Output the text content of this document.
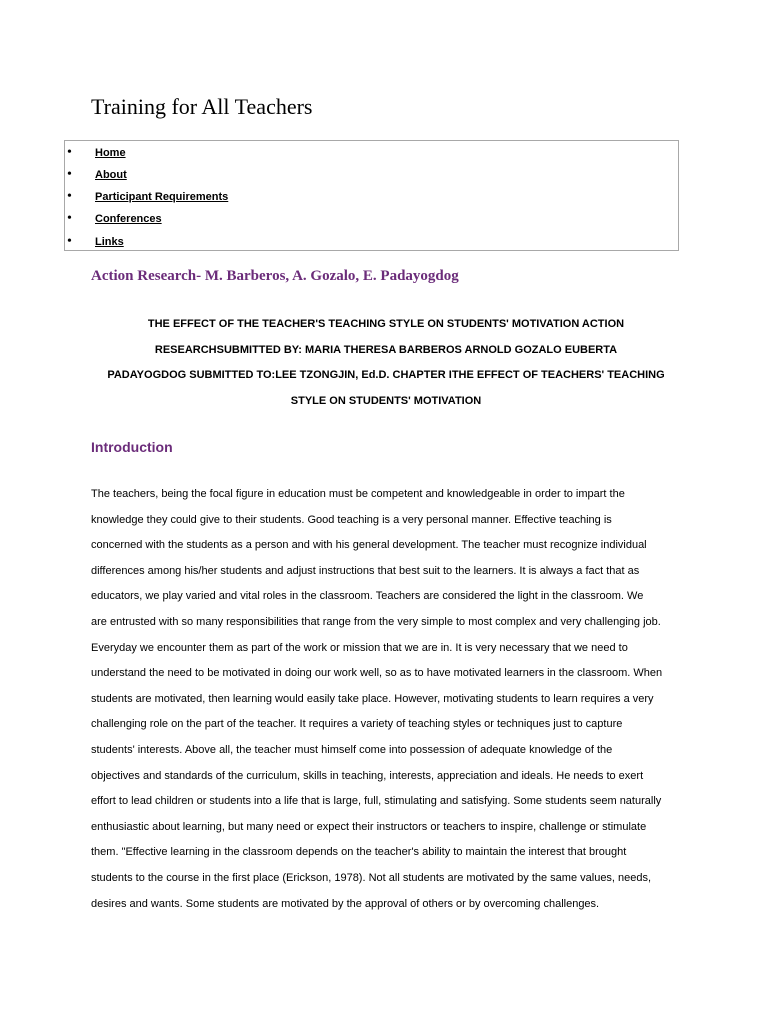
Training for All Teachers
• Home
• About
• Participant Requirements
• Conferences
• Links
Action Research- M. Barberos, A. Gozalo, E. Padayogdog
THE EFFECT OF THE TEACHER'S TEACHING STYLE ON STUDENTS' MOTIVATION ACTION
RESEARCHSUBMITTED BY: MARIA THERESA BARBEROS ARNOLD GOZALO EUBERTA
PADAYOGDOG SUBMITTED TO:LEE TZONGJIN, Ed.D. CHAPTER ITHE EFFECT OF TEACHERS' TEACHING
STYLE ON STUDENTS' MOTIVATION
Introduction
The teachers, being the focal figure in education must be competent and knowledgeable in order to impart the
knowledge they could give to their students. Good teaching is a very personal manner. Effective teaching is
concerned with the students as a person and with his general development. The teacher must recognize individual
differences among his/her students and adjust instructions that best suit to the learners. It is always a fact that as
educators, we play varied and vital roles in the classroom. Teachers are considered the light in the classroom. We
are entrusted with so many responsibilities that range from the very simple to most complex and very challenging job.
Everyday we encounter them as part of the work or mission that we are in. It is very necessary that we need to
understand the need to be motivated in doing our work well, so as to have motivated learners in the classroom. When
students are motivated, then learning would easily take place. However, motivating students to learn requires a very
challenging role on the part of the teacher. It requires a variety of teaching styles or techniques just to capture
students' interests. Above all, the teacher must himself come into possession of adequate knowledge of the
objectives and standards of the curriculum, skills in teaching, interests, appreciation and ideals. He needs to exert
effort to lead children or students into a life that is large, full, stimulating and satisfying. Some students seem naturally
enthusiastic about learning, but many need or expect their instructors or teachers to inspire, challenge or stimulate
them. "Effective learning in the classroom depends on the teacher's ability to maintain the interest that brought
students to the course in the first place (Erickson, 1978). Not all students are motivated by the same values, needs,
desires and wants. Some students are motivated by the approval of others or by overcoming challenges.
